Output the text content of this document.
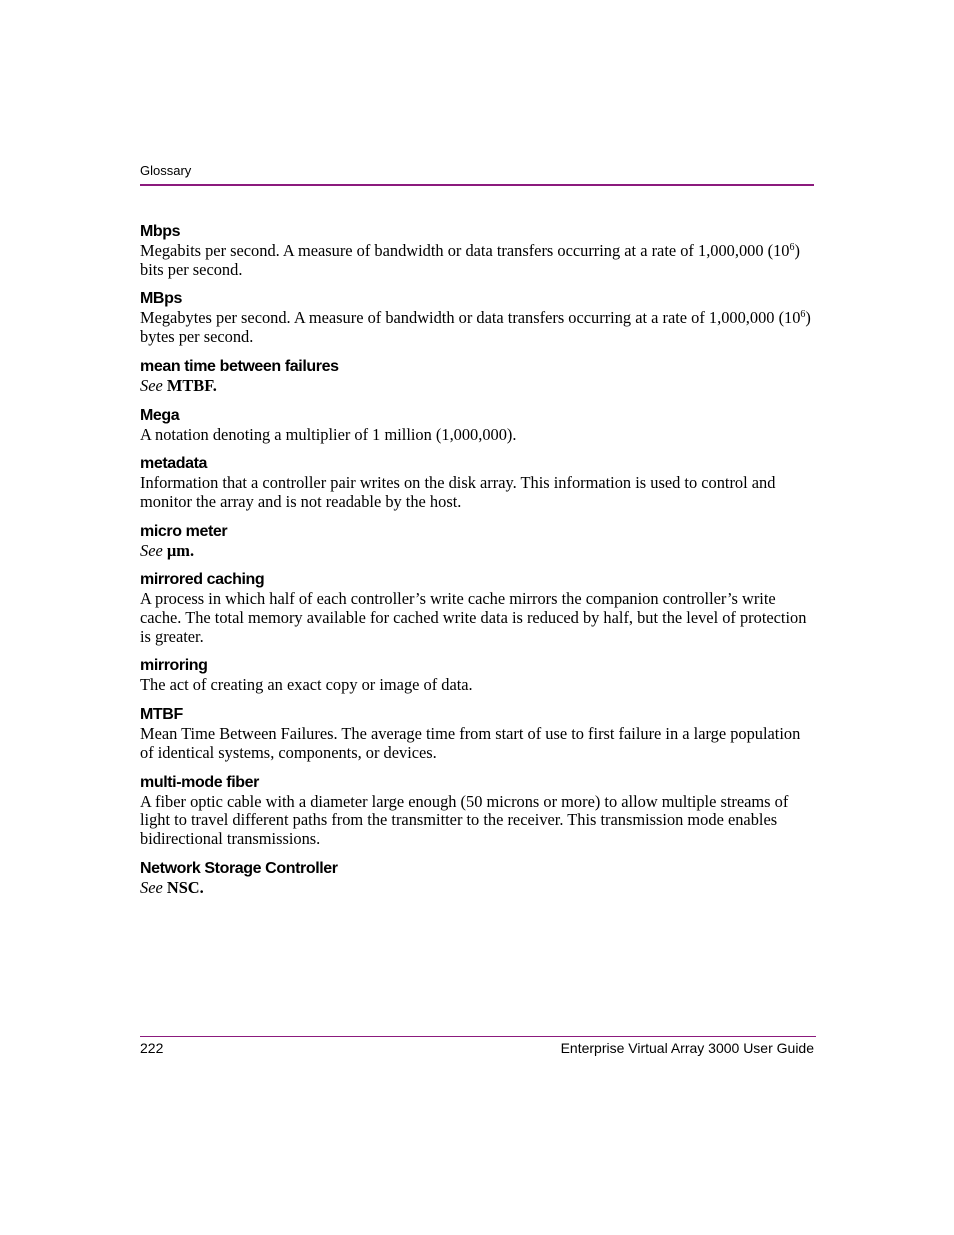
Glossary
Mbps
Megabits per second. A measure of bandwidth or data transfers occurring at a rate of 1,000,000 $(10^6)$ bits per second.
MBps
Megabytes per second. A measure of bandwidth or data transfers occurring at a rate of 1,000,000 $(10^6)$ bytes per second.
mean time between failures
See MTBF.
Mega
A notation denoting a multiplier of 1 million (1,000,000).
metadata
Information that a controller pair writes on the disk array. This information is used to control and monitor the array and is not readable by the host.
micro meter
See µm.
mirrored caching
A process in which half of each controller’s write cache mirrors the companion controller’s write cache. The total memory available for cached write data is reduced by half, but the level of protection is greater.
mirroring
The act of creating an exact copy or image of data.
MTBF
Mean Time Between Failures. The average time from start of use to first failure in a large population of identical systems, components, or devices.
multi-mode fiber
A fiber optic cable with a diameter large enough (50 microns or more) to allow multiple streams of light to travel different paths from the transmitter to the receiver. This transmission mode enables bidirectional transmissions.
Network Storage Controller
See NSC.
222	Enterprise Virtual Array 3000 User Guide
